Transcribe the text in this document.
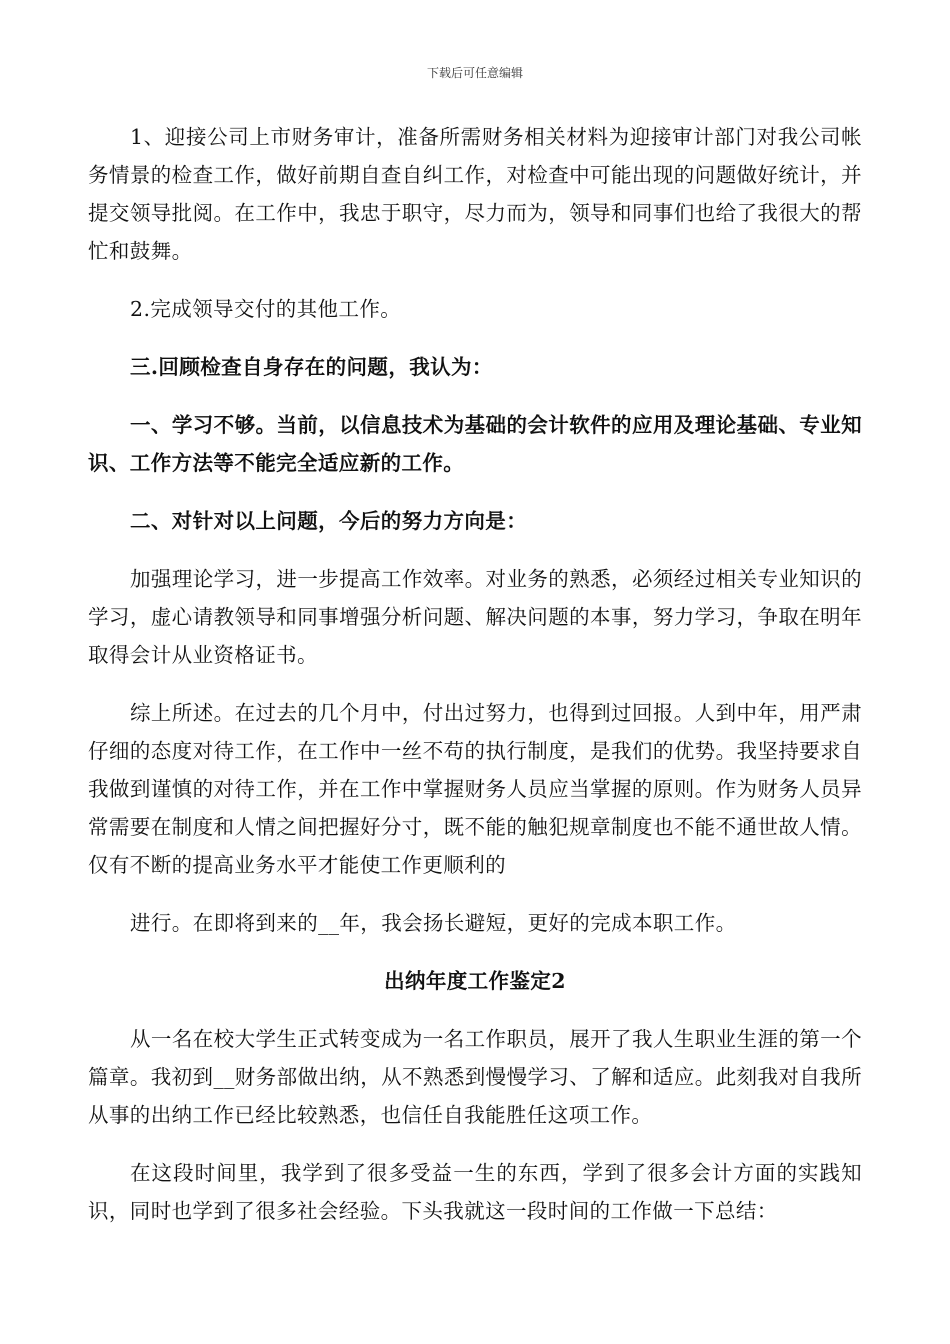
下载后可任意编辑

1、迎接公司上市财务审计，准备所需财务相关材料为迎接审计部门对我公司帐务情景的检查工作，做好前期自查自纠工作，对检查中可能出现的问题做好统计，并提交领导批阅。在工作中，我忠于职守，尽力而为，领导和同事们也给了我很大的帮忙和鼓舞。

2.完成领导交付的其他工作。

三.回顾检查自身存在的问题，我认为：

一、学习不够。当前，以信息技术为基础的会计软件的应用及理论基础、专业知识、工作方法等不能完全适应新的工作。

二、对针对以上问题，今后的努力方向是：

加强理论学习，进一步提高工作效率。对业务的熟悉，必须经过相关专业知识的学习，虚心请教领导和同事增强分析问题、解决问题的本事，努力学习，争取在明年取得会计从业资格证书。

综上所述。在过去的几个月中，付出过努力，也得到过回报。人到中年，用严肃仔细的态度对待工作，在工作中一丝不苟的执行制度，是我们的优势。我坚持要求自我做到谨慎的对待工作，并在工作中掌握财务人员应当掌握的原则。作为财务人员异常需要在制度和人情之间把握好分寸，既不能的触犯规章制度也不能不通世故人情。仅有不断的提高业务水平才能使工作更顺利的

进行。在即将到来的__年，我会扬长避短，更好的完成本职工作。

出纳年度工作鉴定2

从一名在校大学生正式转变成为一名工作职员，展开了我人生职业生涯的第一个篇章。我初到__财务部做出纳，从不熟悉到慢慢学习、了解和适应。此刻我对自我所从事的出纳工作已经比较熟悉，也信任自我能胜任这项工作。

在这段时间里，我学到了很多受益一生的东西，学到了很多会计方面的实践知识，同时也学到了很多社会经验。下头我就这一段时间的工作做一下总结：
